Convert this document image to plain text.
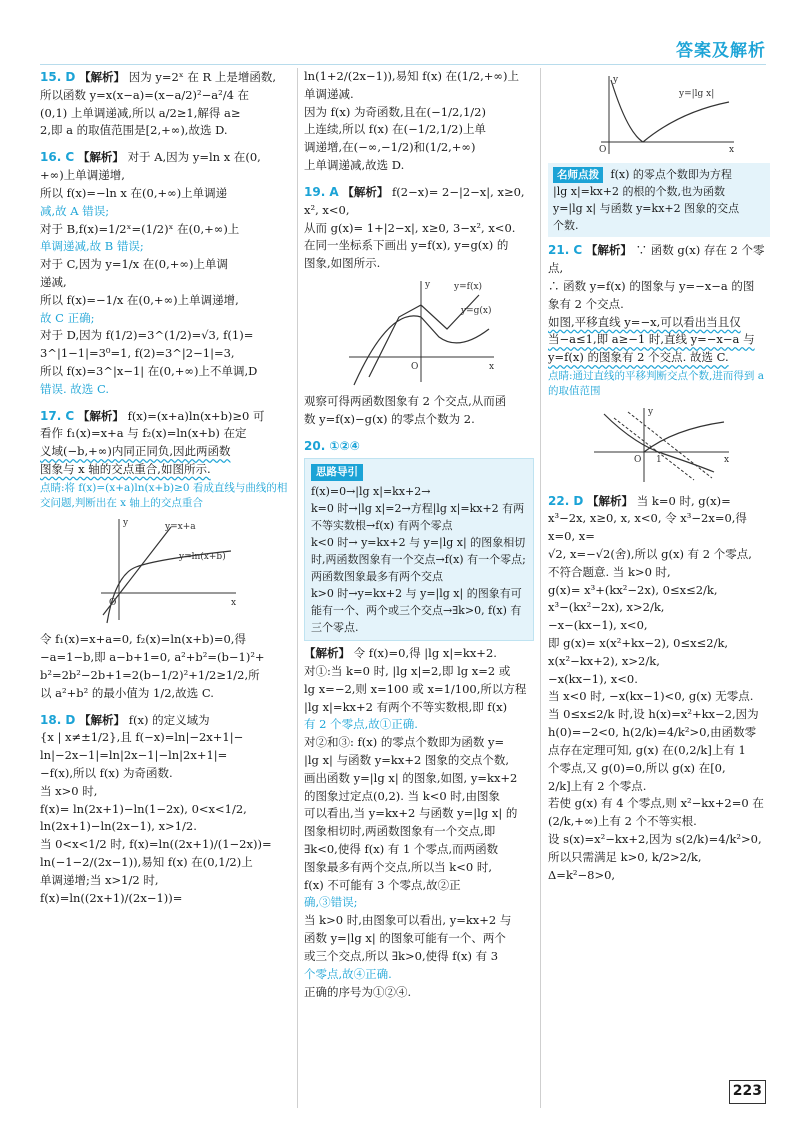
答案及解析
15. D 【解析】 因为 y=2ˣ 在 R 上是增函数,
所以函数 y=x(x−a)=(x−a/2)²−a²/4 在
(0,1) 上单调递减,所以 a/2≥1,解得 a≥
2,即 a 的取值范围是[2,+∞),故选 D.
16. C 【解析】 对于 A,因为 y=ln x 在(0,
+∞)上单调递增,
所以 f(x)=−ln x 在(0,+∞)上单调递
减,故 A 错误;
对于 B,f(x)=1/2ˣ=(1/2)ˣ 在(0,+∞)上
单调递减,故 B 错误;
对于 C,因为 y=1/x 在(0,+∞)上单调
递减,
所以 f(x)=−1/x 在(0,+∞)上单调递增,
故 C 正确;
对于 D,因为 f(1/2)=3^(1/2)=√3, f(1)=
3^|1−1|=3⁰=1, f(2)=3^|2−1|=3,
所以 f(x)=3^|x−1| 在(0,+∞)上不单调,D
错误. 故选 C.
17. C 【解析】 f(x)=(x+a)ln(x+b)≥0 可
看作 f₁(x)=x+a 与 f₂(x)=ln(x+b) 在定
义域(−b,+∞)内同正同负,因此两函数
图象与 x 轴的交点重合,如图所示.
点睛:将 f(x)=(x+a)ln(x+b)≥0 看成直线与曲线的相交问题,判断出在 x 轴上的交点重合
y=x+a
y=ln(x+b)
O	x
y
令 f₁(x)=x+a=0, f₂(x)=ln(x+b)=0,得
−a=1−b,即 a−b+1=0, a²+b²=(b−1)²+
b²=2b²−2b+1=2(b−1/2)²+1/2≥1/2,所
以 a²+b² 的最小值为 1/2,故选 C.
18. D 【解析】 f(x) 的定义域为
{x | x≠±1/2},且 f(−x)=ln|−2x+1|−
ln|−2x−1|=ln|2x−1|−ln|2x+1|=
−f(x),所以 f(x) 为奇函数.
当 x>0 时,
f(x)= ln(2x+1)−ln(1−2x), 0<x<1/2,
ln(2x+1)−ln(2x−1), x>1/2.
当 0<x<1/2 时, f(x)=ln((2x+1)/(1−2x))=
ln(−1−2/(2x−1)),易知 f(x) 在(0,1/2)上
单调递增;当 x>1/2 时, f(x)=ln((2x+1)/(2x−1))=
ln(1+2/(2x−1)),易知 f(x) 在(1/2,+∞)上
单调递减.
因为 f(x) 为奇函数,且在(−1/2,1/2)
上连续,所以 f(x) 在(−1/2,1/2)上单
调递增,在(−∞,−1/2)和(1/2,+∞)
上单调递减,故选 D.
19. A 【解析】 f(2−x)= 2−|2−x|, x≥0, x², x<0,
从而 g(x)= 1+|2−x|, x≥0, 3−x², x<0.
在同一坐标系下画出 y=f(x), y=g(x) 的
图象,如图所示.
y=f(x)
y=g(x)
O	x
y
观察可得两函数图象有 2 个交点,从而函
数 y=f(x)−g(x) 的零点个数为 2.
20. ①②④
思路导引
f(x)=0→|lg x|=kx+2→
k=0 时→|lg x|=2→方程|lg x|=kx+2 有两不等实数根→f(x) 有两个零点
k<0 时→ y=kx+2 与 y=|lg x| 的图象相切时,两函数图象有一个交点→f(x) 有一个零点; 两函数图象最多有两个交点
k>0 时→y=kx+2 与 y=|lg x| 的图象有可能有一个、两个或三个交点→∃k>0, f(x) 有三个零点.
【解析】 令 f(x)=0,得 |lg x|=kx+2.
对①:当 k=0 时, |lg x|=2,即 lg x=2 或
lg x=−2,则 x=100 或 x=1/100,所以方程
|lg x|=kx+2 有两个不等实数根,即 f(x)
有 2 个零点,故①正确.
对②和③: f(x) 的零点个数即为函数 y=
|lg x| 与函数 y=kx+2 图象的交点个数,
画出函数 y=|lg x| 的图象,如图, y=kx+2
的图象过定点(0,2). 当 k<0 时,由图象
可以看出,当 y=kx+2 与函数 y=|lg x| 的
图象相切时,两函数图象有一个交点,即
∃k<0,使得 f(x) 有 1 个零点,而两函数
图象最多有两个交点,所以当 k<0 时,
f(x) 不可能有 3 个零点,故②正
确,③错误;
当 k>0 时,由图象可以看出, y=kx+2 与
函数 y=|lg x| 的图象可能有一个、两个
或三个交点,所以 ∃k>0,使得 f(x) 有 3
个零点,故④正确.
正确的序号为①②④.
y=|lg x|
O	x
y
名师点拨 f(x) 的零点个数即为方程
|lg x|=kx+2 的根的个数,也为函数
y=|lg x| 与函数 y=kx+2 图象的交点
个数.
21. C 【解析】 ∵ 函数 g(x) 存在 2 个零点,
∴ 函数 y=f(x) 的图象与 y=−x−a 的图
象有 2 个交点.
如图,平移直线 y=−x,可以看出当且仅
当−a≤1,即 a≥−1 时,直线 y=−x−a 与
y=f(x) 的图象有 2 个交点. 故选 C.
点睛:通过直线的平移判断交点个数,进而得到 a 的取值范围
O 1	x
y
22. D 【解析】 当 k=0 时, g(x)=
x³−2x, x≥0, x, x<0, 令 x³−2x=0,得 x=0, x=
√2, x=−√2(舍),所以 g(x) 有 2 个零点,
不符合题意. 当 k>0 时,
g(x)= x³+(kx²−2x), 0≤x≤2/k,
x³−(kx²−2x), x>2/k,
−x−(kx−1), x<0,
即 g(x)= x(x²+kx−2), 0≤x≤2/k,
x(x²−kx+2), x>2/k,
−x(kx−1), x<0.
当 x<0 时, −x(kx−1)<0, g(x) 无零点.
当 0≤x≤2/k 时,设 h(x)=x²+kx−2,因为
h(0)=−2<0, h(2/k)=4/k²>0,由函数零
点存在定理可知, g(x) 在(0,2/k]上有 1
个零点,又 g(0)=0,所以 g(x) 在[0,
2/k]上有 2 个零点.
若使 g(x) 有 4 个零点,则 x²−kx+2=0 在
(2/k,+∞)上有 2 个不等实根.
设 s(x)=x²−kx+2,因为 s(2/k)=4/k²>0,
所以只需满足 k>0, k/2>2/k, Δ=k²−8>0,
223
